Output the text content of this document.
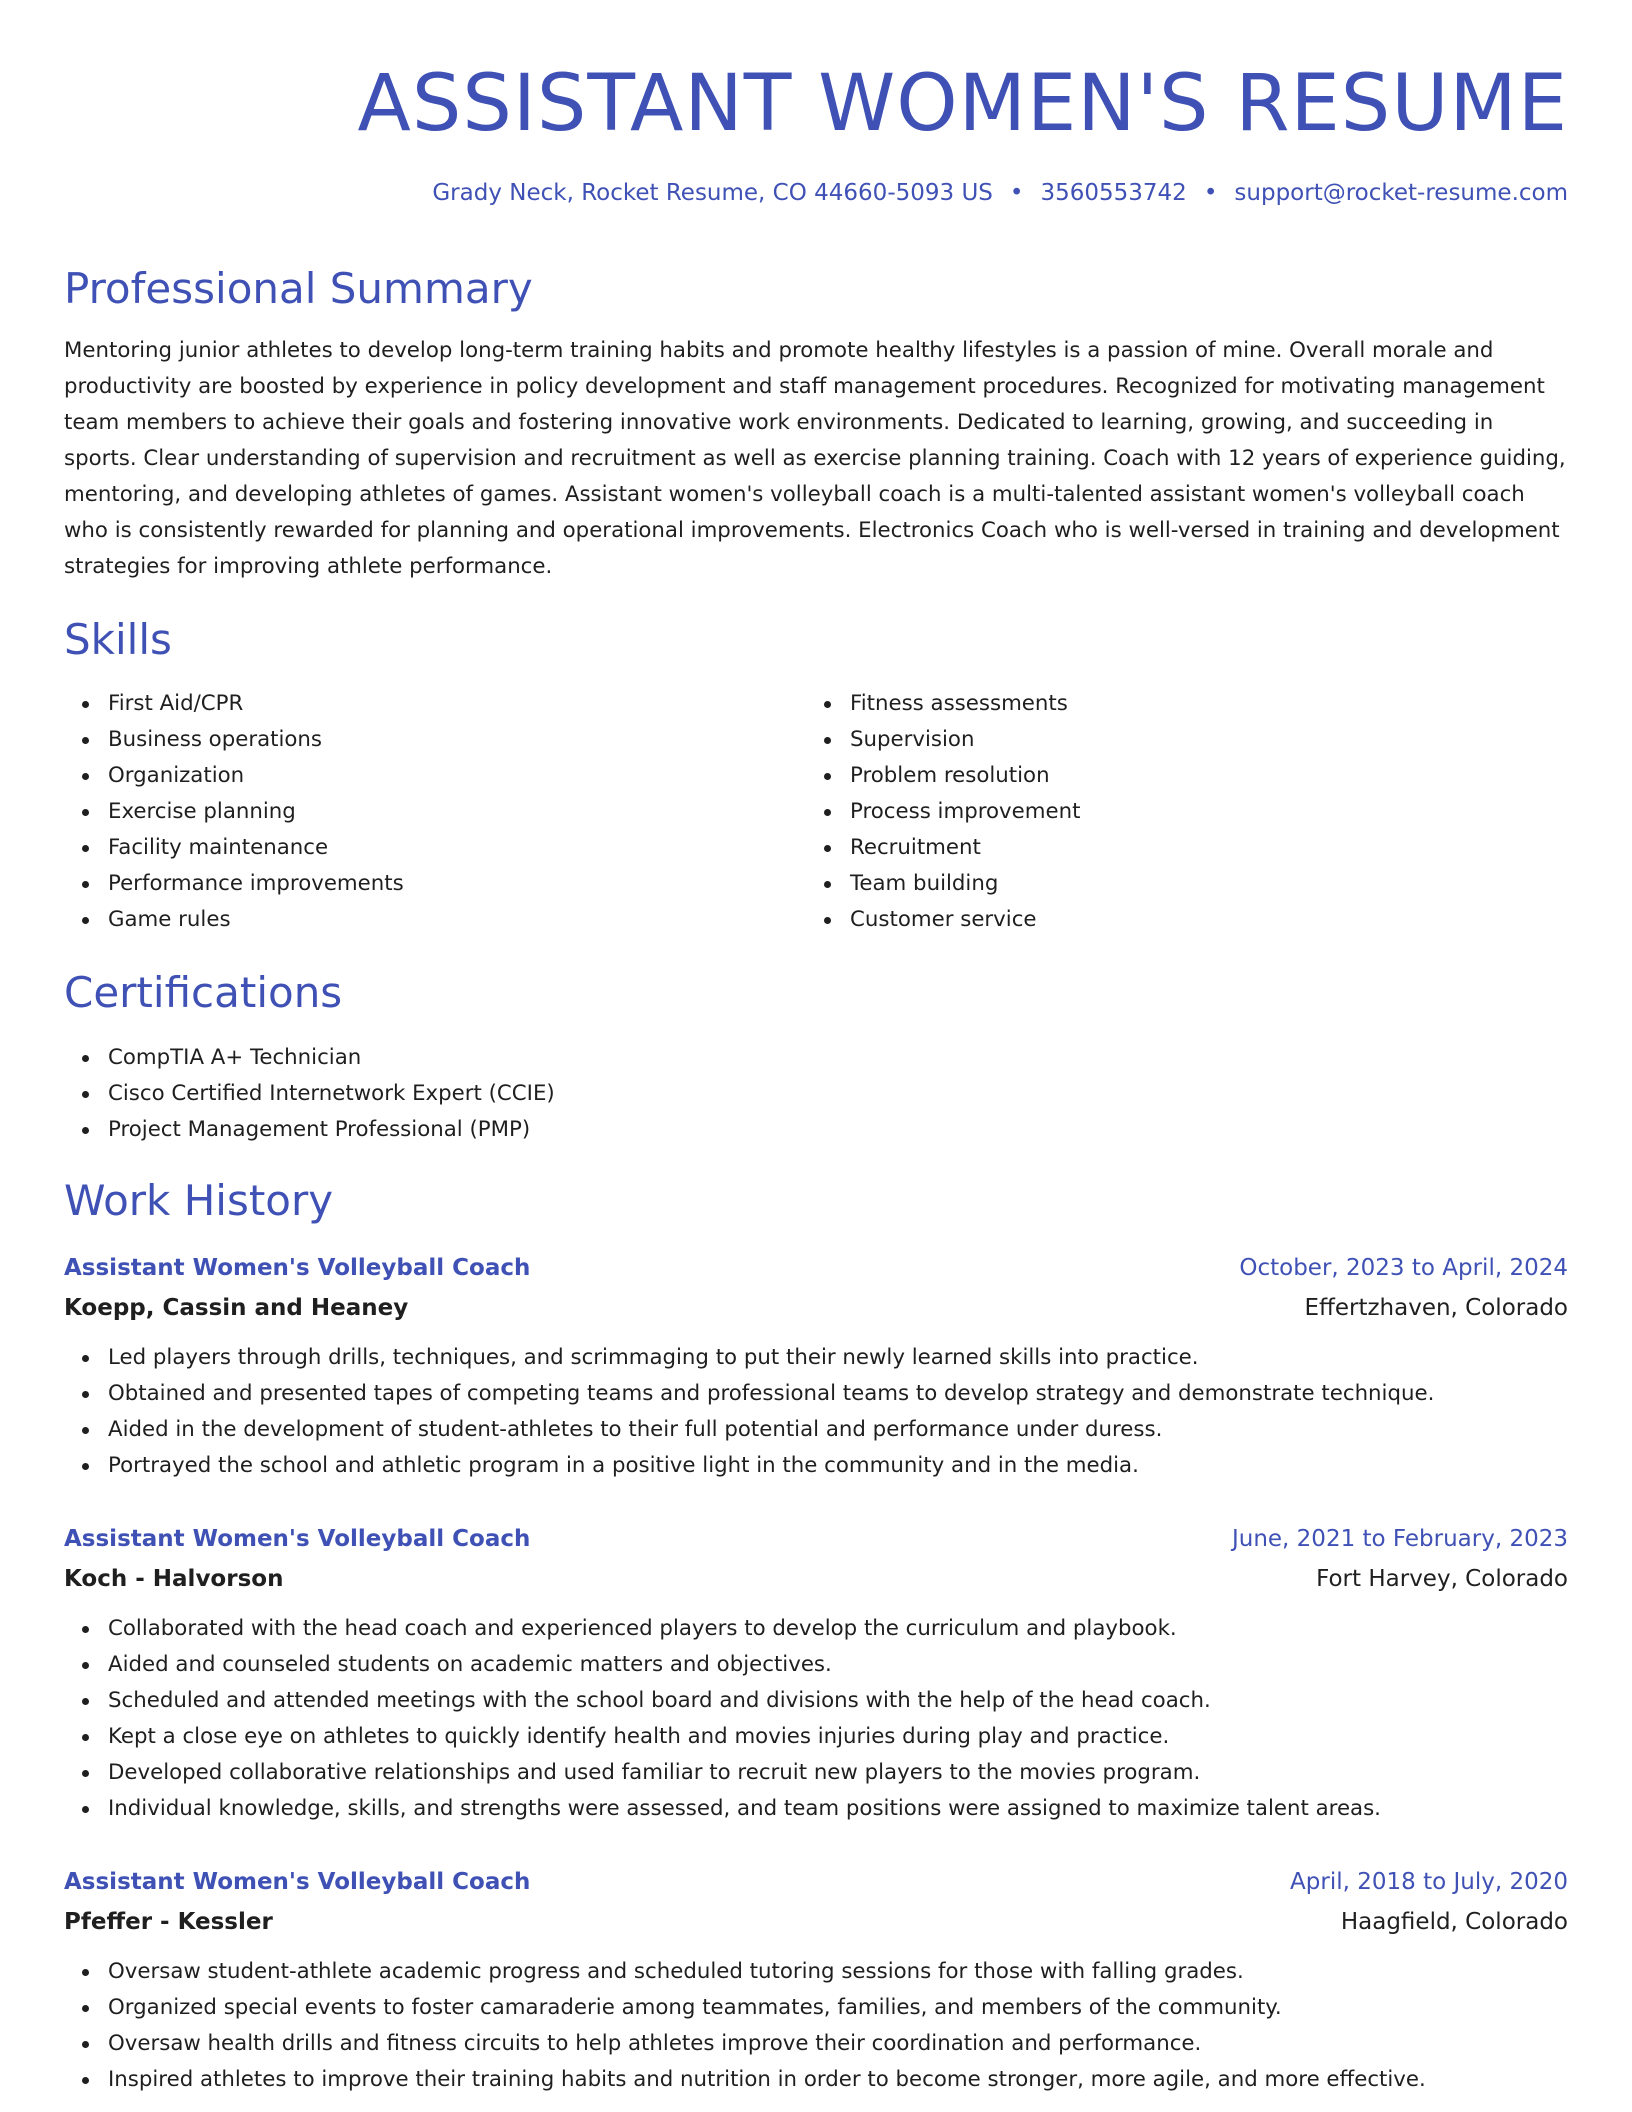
ASSISTANT WOMEN'S RESUME
Grady Neck, Rocket Resume, CO 44660-5093 US • 3560553742 • support@rocket-resume.com
Professional Summary

Mentoring junior athletes to develop long-term training habits and promote healthy lifestyles is a passion of mine. Overall morale and productivity are boosted by experience in policy development and staff management procedures. Recognized for motivating management team members to achieve their goals and fostering innovative work environments. Dedicated to learning, growing, and succeeding in sports. Clear understanding of supervision and recruitment as well as exercise planning training. Coach with 12 years of experience guiding, mentoring, and developing athletes of games. Assistant women's volleyball coach is a multi-talented assistant women's volleyball coach who is consistently rewarded for planning and operational improvements. Electronics Coach who is well-versed in training and development strategies for improving athlete performance.

Skills
First Aid/CPR
Business operations
Organization
Exercise planning
Facility maintenance
Performance improvements
Game rules
Fitness assessments
Supervision
Problem resolution
Process improvement
Recruitment
Team building
Customer service
Certifications
CompTIA A+ Technician
Cisco Certified Internetwork Expert (CCIE)
Project Management Professional (PMP)
Work History
Assistant Women's Volleyball Coach	October, 2023 to April, 2024
Koepp, Cassin and Heaney	Effertzhaven, Colorado
Led players through drills, techniques, and scrimmaging to put their newly learned skills into practice.
Obtained and presented tapes of competing teams and professional teams to develop strategy and demonstrate technique.
Aided in the development of student-athletes to their full potential and performance under duress.
Portrayed the school and athletic program in a positive light in the community and in the media.
Assistant Women's Volleyball Coach	June, 2021 to February, 2023
Koch - Halvorson	Fort Harvey, Colorado
Collaborated with the head coach and experienced players to develop the curriculum and playbook.
Aided and counseled students on academic matters and objectives.
Scheduled and attended meetings with the school board and divisions with the help of the head coach.
Kept a close eye on athletes to quickly identify health and movies injuries during play and practice.
Developed collaborative relationships and used familiar to recruit new players to the movies program.
Individual knowledge, skills, and strengths were assessed, and team positions were assigned to maximize talent areas.
Assistant Women's Volleyball Coach	April, 2018 to July, 2020
Pfeffer - Kessler	Haagfield, Colorado
Oversaw student-athlete academic progress and scheduled tutoring sessions for those with falling grades.
Organized special events to foster camaraderie among teammates, families, and members of the community.
Oversaw health drills and fitness circuits to help athletes improve their coordination and performance.
Inspired athletes to improve their training habits and nutrition in order to become stronger, more agile, and more effective.
